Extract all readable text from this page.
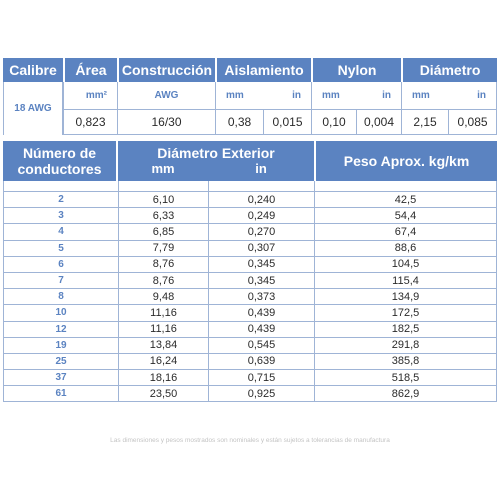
Calibre	Área	Construcción	Aislamiento		Nylon		Diámetro	
18 AWG	mm²	AWG	mm	in	mm	in	mm	in
	0,823	16/30	0,38	0,015	0,10	0,004	2,15	0,085
Número de conductores	Diámetro Exterior		Peso Aprox. kg/km
	mm	in	

2	6,10	0,240	42,5
3	6,33	0,249	54,4
4	6,85	0,270	67,4
5	7,79	0,307	88,6
6	8,76	0,345	104,5
7	8,76	0,345	115,4
8	9,48	0,373	134,9
10	11,16	0,439	172,5
12	11,16	0,439	182,5
19	13,84	0,545	291,8
25	16,24	0,639	385,8
37	18,16	0,715	518,5
61	23,50	0,925	862,9
Las dimensiones y pesos mostrados son nominales y están sujetos a tolerancias de manufactura
